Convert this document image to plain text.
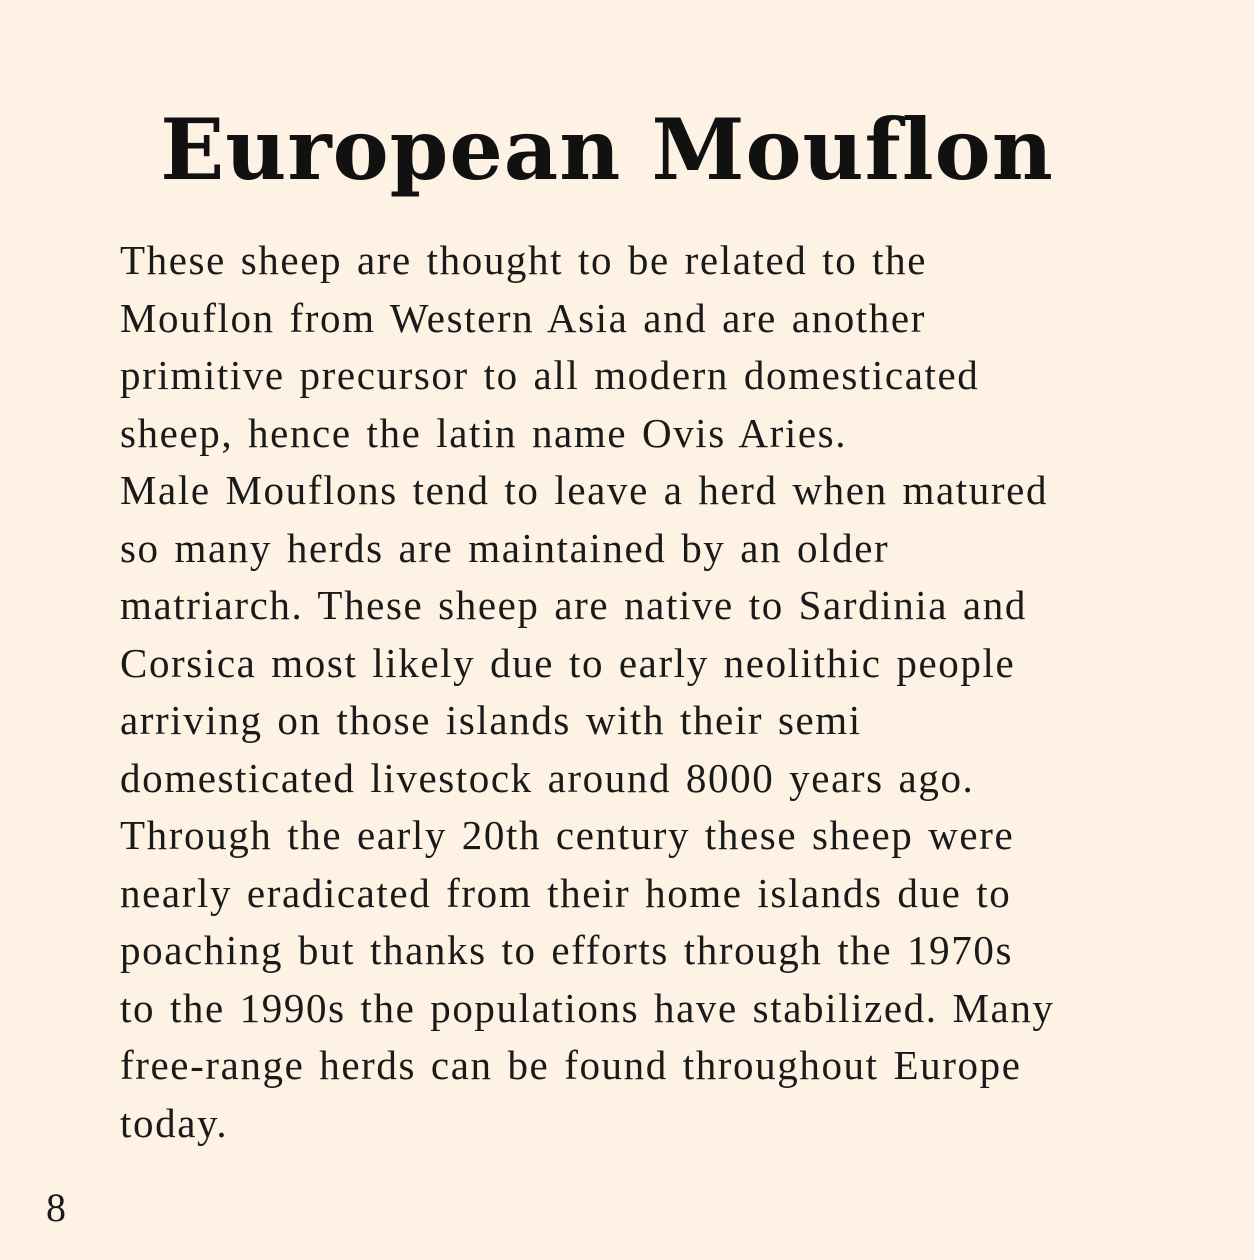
European Mouflon
These sheep are thought to be related to the
Mouflon from Western Asia and are another
primitive precursor to all modern domesticated
sheep, hence the latin name Ovis Aries.
Male Mouflons tend to leave a herd when matured
so many herds are maintained by an older
matriarch. These sheep are native to Sardinia and
Corsica most likely due to early neolithic people
arriving on those islands with their semi
domesticated livestock around 8000 years ago.
Through the early 20th century these sheep were
nearly eradicated from their home islands due to
poaching but thanks to efforts through the 1970s
to the 1990s the populations have stabilized. Many
free-range herds can be found throughout Europe
today.
8
